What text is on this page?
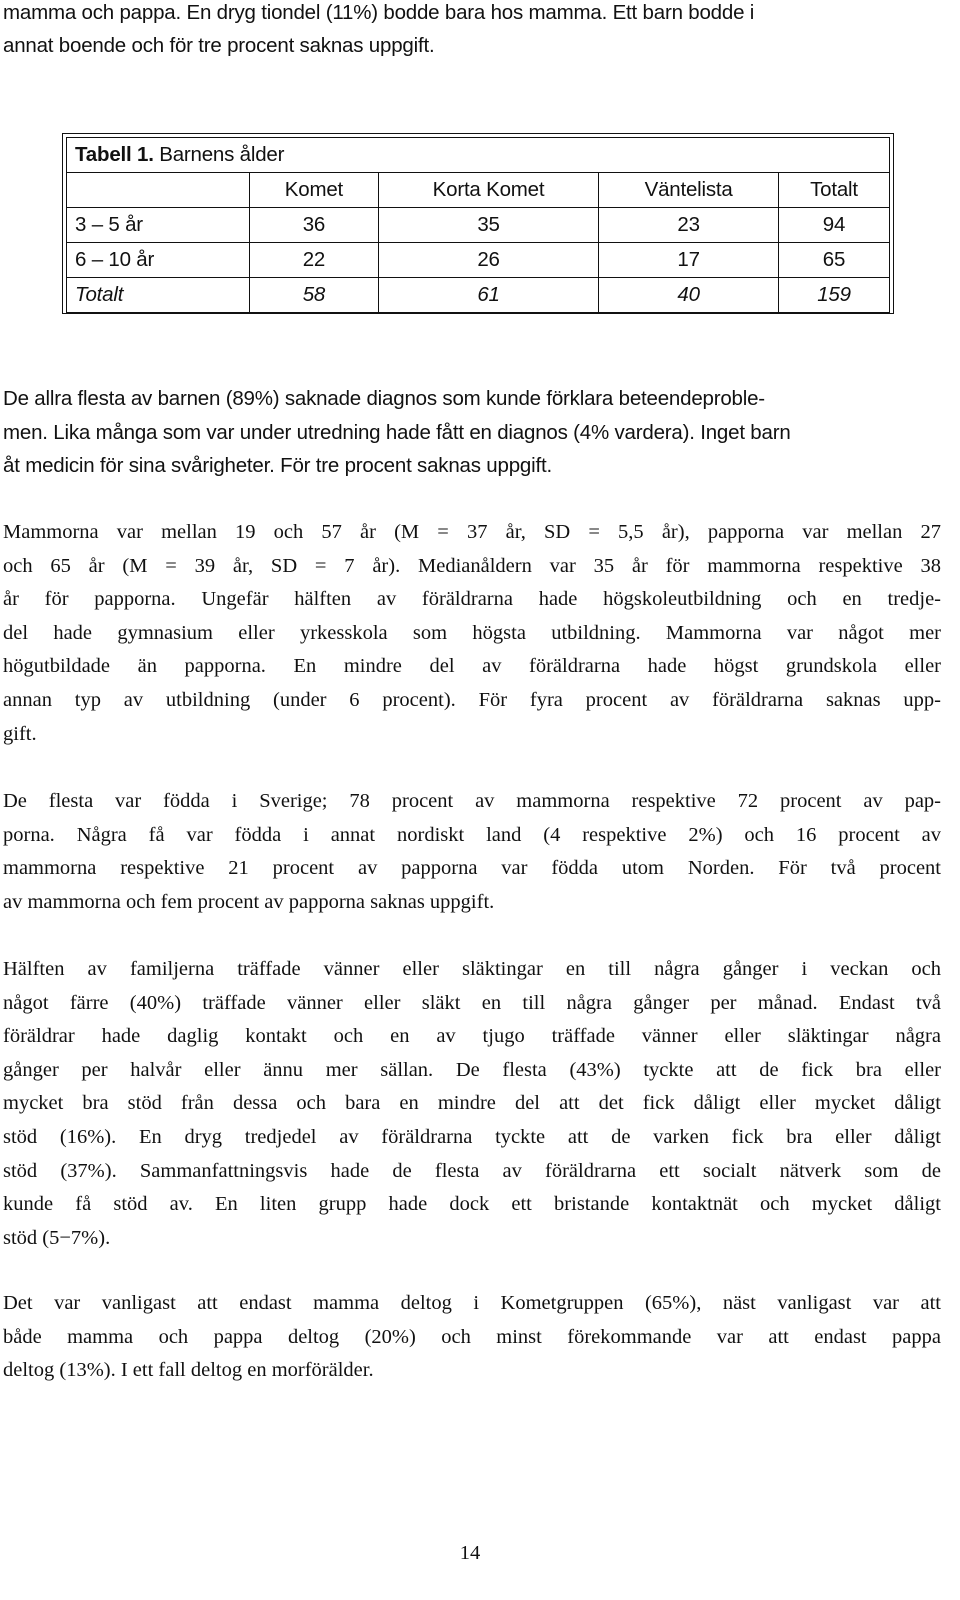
mamma och pappa. En dryg tiondel (11%) bodde bara hos mamma. Ett barn bodde i
annat boende och för tre procent saknas uppgift.
Tabell 1. Barnens ålder				
	Komet	Korta Komet	Väntelista	Totalt
3 – 5 år	36	35	23	94
6 – 10 år	22	26	17	65
Totalt	58	61	40	159
De allra flesta av barnen (89%) saknade diagnos som kunde förklara beteendeproble-
men. Lika många som var under utredning hade fått en diagnos (4% vardera). Inget barn
åt medicin för sina svårigheter. För tre procent saknas uppgift.
Mammorna var mellan 19 och 57 år (M = 37 år, SD = 5,5 år), papporna var mellan 27
och 65 år (M = 39 år, SD = 7 år). Medianåldern var 35 år för mammorna respektive 38
år för papporna. Ungefär hälften av föräldrarna hade högskoleutbildning och en tredje-
del hade gymnasium eller yrkesskola som högsta utbildning. Mammorna var något mer
högutbildade än papporna. En mindre del av föräldrarna hade högst grundskola eller
annan typ av utbildning (under 6 procent). För fyra procent av föräldrarna saknas upp-
gift.
De flesta var födda i Sverige; 78 procent av mammorna respektive 72 procent av pap-
porna. Några få var födda i annat nordiskt land (4 respektive 2%) och 16 procent av
mammorna respektive 21 procent av papporna var födda utom Norden. För två procent
av mammorna och fem procent av papporna saknas uppgift.
Hälften av familjerna träffade vänner eller släktingar en till några gånger i veckan och
något färre (40%) träffade vänner eller släkt en till några gånger per månad. Endast två
föräldrar hade daglig kontakt och en av tjugo träffade vänner eller släktingar några
gånger per halvår eller ännu mer sällan. De flesta (43%) tyckte att de fick bra eller
mycket bra stöd från dessa och bara en mindre del att det fick dåligt eller mycket dåligt
stöd (16%). En dryg tredjedel av föräldrarna tyckte att de varken fick bra eller dåligt
stöd (37%). Sammanfattningsvis hade de flesta av föräldrarna ett socialt nätverk som de
kunde få stöd av. En liten grupp hade dock ett bristande kontaktnät och mycket dåligt
stöd (5−7%).
Det var vanligast att endast mamma deltog i Kometgruppen (65%), näst vanligast var att
både mamma och pappa deltog (20%) och minst förekommande var att endast pappa
deltog (13%). I ett fall deltog en morförälder.
14
